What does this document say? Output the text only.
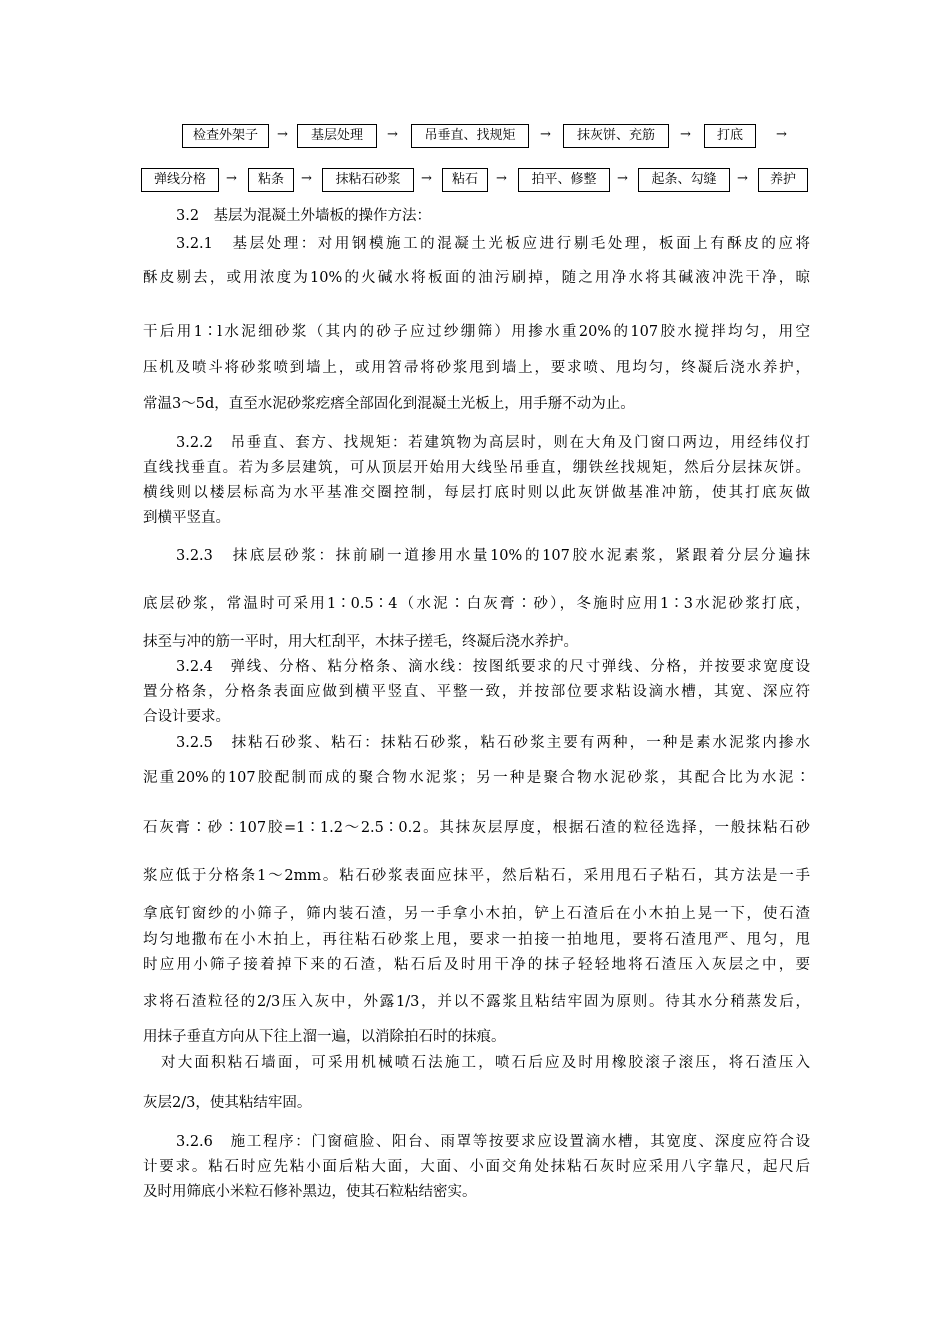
检查外架子	→	基层处理	→	吊垂直、找规矩	→	抹灰饼、充筋	→	打底	→
弹线分格	→	粘条	→	抹粘石砂浆	→	粘石	→	拍平、修整	→	起条、勾缝	→	养护
3.2　基层为混凝土外墙板的操作方法：
3.2.1　基层处理：对用钢模施工的混凝土光板应进行剔毛处理，板面上有酥皮的应将
酥皮剔去，或用浓度为10%的火碱水将板面的油污刷掉，随之用净水将其碱液冲洗干净，晾
干后用1∶l水泥细砂浆（其内的砂子应过纱绷筛）用掺水重20%的107胶水搅拌均匀，用空
压机及喷斗将砂浆喷到墙上，或用笤帚将砂浆甩到墙上，要求喷、甩均匀，终凝后浇水养护，
常温3～5d，直至水泥砂浆疙瘩全部固化到混凝土光板上，用手掰不动为止。
3.2.2　吊垂直、套方、找规矩：若建筑物为高层时，则在大角及门窗口两边，用经纬仪打
直线找垂直。若为多层建筑，可从顶层开始用大线坠吊垂直，绷铁丝找规矩，然后分层抹灰饼。
横线则以楼层标高为水平基准交圈控制，每层打底时则以此灰饼做基准冲筋，使其打底灰做
到横平竖直。
3.2.3　抹底层砂浆：抹前刷一道掺用水量10%的107胶水泥素浆，紧跟着分层分遍抹
底层砂浆，常温时可采用1∶0.5∶4（水泥∶白灰膏∶砂），冬施时应用1∶3水泥砂浆打底，
抹至与冲的筋一平时，用大杠刮平，木抹子搓毛，终凝后浇水养护。
3.2.4　弹线、分格、粘分格条、滴水线：按图纸要求的尺寸弹线、分格，并按要求宽度设
置分格条，分格条表面应做到横平竖直、平整一致，并按部位要求粘设滴水槽，其宽、深应符
合设计要求。
3.2.5　抹粘石砂浆、粘石：抹粘石砂浆，粘石砂浆主要有两种，一种是素水泥浆内掺水
泥重20%的107胶配制而成的聚合物水泥浆；另一种是聚合物水泥砂浆，其配合比为水泥∶
石灰膏∶砂∶107胶=1∶1.2～2.5∶0.2。其抹灰层厚度，根据石渣的粒径选择，一般抹粘石砂
浆应低于分格条1～2mm。粘石砂浆表面应抹平，然后粘石，采用甩石子粘石，其方法是一手
拿底钉窗纱的小筛子，筛内装石渣，另一手拿小木拍，铲上石渣后在小木拍上晃一下，使石渣
均匀地撒布在小木拍上，再往粘石砂浆上甩，要求一拍接一拍地甩，要将石渣甩严、甩匀，甩
时应用小筛子接着掉下来的石渣，粘石后及时用干净的抹子轻轻地将石渣压入灰层之中，要
求将石渣粒径的2/3压入灰中，外露1/3，并以不露浆且粘结牢固为原则。待其水分稍蒸发后，
用抹子垂直方向从下往上溜一遍，以消除拍石时的抹痕。
对大面积粘石墙面，可采用机械喷石法施工，喷石后应及时用橡胶滚子滚压，将石渣压入
灰层2/3，使其粘结牢固。
3.2.6　施工程序：门窗碹脸、阳台、雨罩等按要求应设置滴水槽，其宽度、深度应符合设
计要求。粘石时应先粘小面后粘大面，大面、小面交角处抹粘石灰时应采用八字靠尺，起尺后
及时用筛底小米粒石修补黑边，使其石粒粘结密实。
